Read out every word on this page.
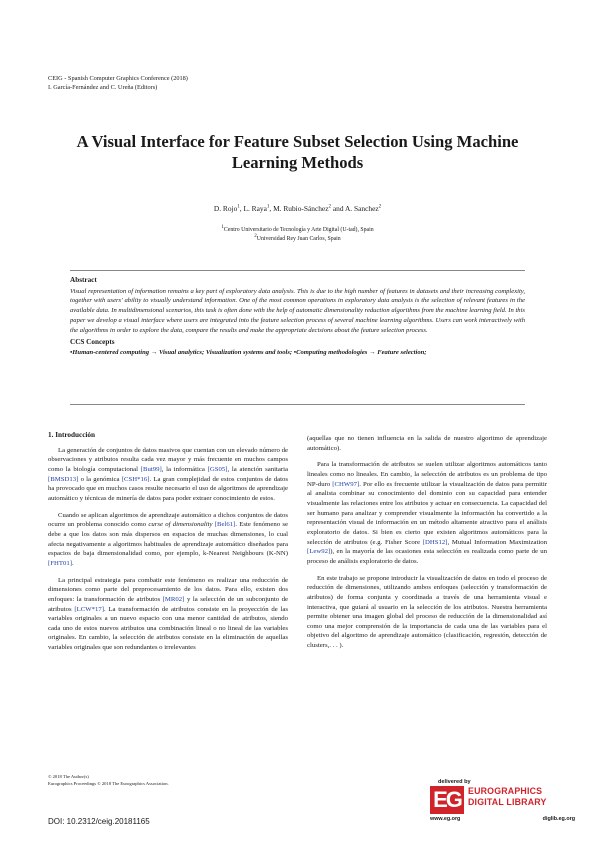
CEIG - Spanish Computer Graphics Conference (2018)
I. García-Fernández and C. Ureña (Editors)
A Visual Interface for Feature Subset Selection Using Machine
Learning Methods
D. Rojo$^1$, L. Raya$^1$, M. Rubio-Sánchez$^2$ and A. Sanchez$^2$
$^1$Centro Universitario de Tecnología y Arte Digital (U-tad), Spain
$^2$Universidad Rey Juan Carlos, Spain
Abstract

Visual representation of information remains a key part of exploratory data analysis. This is due to the high number of features in datasets and their increasing complexity, together with users' ability to visually understand information. One of the most common operations in exploratory data analysis is the selection of relevant features in the available data. In multidimensional scenarios, this task is often done with the help of automatic dimensionality reduction algorithms from the machine learning field. In this paper we develop a visual interface where users are integrated into the feature selection process of several machine learning algorithms. Users can work interactively with the algorithms in order to explore the data, compare the results and make the appropriate decisions about the feature selection process.

CCS Concepts
•Human-centered computing → Visual analytics; Visualization systems and tools; •Computing methodologies → Feature selection;
1. Introducción

La generación de conjuntos de datos masivos que cuentan con un elevado número de observaciones y atributos resulta cada vez mayor y más frecuente en muchos campos como la biología computacional [But99], la informática [GS05], la atención sanitaria [BMSD13] o la genómica [CSH*16]. La gran complejidad de estos conjuntos de datos ha provocado que en muchos casos resulte necesario el uso de algoritmos de aprendizaje automático y técnicas de minería de datos para poder extraer conocimiento de estos.

Cuando se aplican algoritmos de aprendizaje automático a dichos conjuntos de datos ocurre un problema conocido como curse of dimensionality [Bel61]. Este fenómeno se debe a que los datos son más dispersos en espacios de muchas dimensiones, lo cual afecta negativamente a algoritmos habituales de aprendizaje automático diseñados para espacios de baja dimensionalidad como, por ejemplo, k-Nearest Neighbours (K-NN) [FHT01].

La principal estrategia para combatir este fenómeno es realizar una reducción de dimensiones como parte del preprocesamiento de los datos. Para ello, existen dos enfoques: la transformación de atributos [MR02] y la selección de un subconjunto de atributos [LCW*17]. La transformación de atributos consiste en la proyección de las variables originales a un nuevo espacio con una menor cantidad de atributos, siendo cada uno de estos nuevos atributos una combinación lineal o no lineal de las variables originales. En cambio, la selección de atributos consiste en la eliminación de aquellas variables originales que son redundantes o irrelevantes

(aquellas que no tienen influencia en la salida de nuestro algoritmo de aprendizaje automático).

Para la transformación de atributos se suelen utilizar algoritmos automáticos tanto lineales como no lineales. En cambio, la selección de atributos es un problema de tipo NP-duro [CHW97]. Por ello es frecuente utilizar la visualización de datos para permitir al analista combinar su conocimiento del dominio con su capacidad para entender visualmente las relaciones entre los atributos y actuar en consecuencia. La capacidad del ser humano para analizar y comprender visualmente la información ha convertido a la representación visual de información en un método altamente atractivo para el análisis exploratorio de datos. Si bien es cierto que existen algoritmos automáticos para la selección de atributos (e.g. Fisher Score [DHS12], Mutual Information Maximization [Lew92]), en la mayoría de las ocasiones esta selección es realizada como parte de un proceso de análisis exploratorio de datos.

En este trabajo se propone introducir la visualización de datos en todo el proceso de reducción de dimensiones, utilizando ambos enfoques (selección y transformación de atributos) de forma conjunta y coordinada a través de una herramienta visual e interactiva, que guiará al usuario en la selección de los atributos. Nuestra herramienta permite obtener una imagen global del proceso de reducción de la dimensionalidad así como una mejor comprensión de la importancia de cada una de las variables para el objetivo del algoritmo de aprendizaje automático (clasificación, regresión, detección de clusters,. . . ).

© 2018 The Author(s)
Eurographics Proceedings © 2018 The Eurographics Association.
DOI: 10.2312/ceig.20181165
delivered by
EG EUROGRAPHICS
DIGITAL LIBRARY
www.eg.org	diglib.eg.org
